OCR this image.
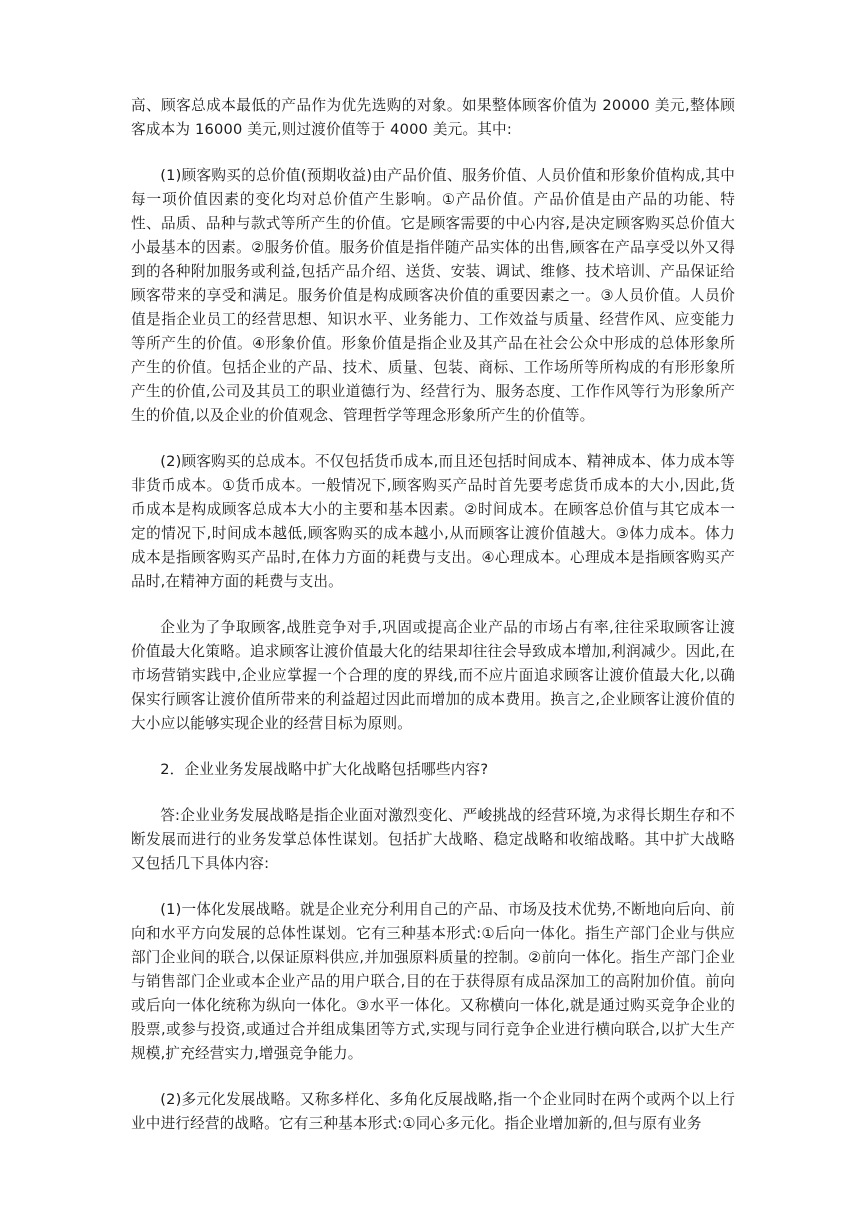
高、顾客总成本最低的产品作为优先选购的对象。如果整体顾客价值为 20000 美元,整体顾客成本为 16000 美元,则过渡价值等于 4000 美元。其中:

(1)顾客购买的总价值(预期收益)由产品价值、服务价值、人员价值和形象价值构成,其中每一项价值因素的变化均对总价值产生影响。①产品价值。产品价值是由产品的功能、特性、品质、品种与款式等所产生的价值。它是顾客需要的中心内容,是决定顾客购买总价值大小最基本的因素。②服务价值。服务价值是指伴随产品实体的出售,顾客在产品享受以外又得到的各种附加服务或利益,包括产品介绍、送货、安装、调试、维修、技术培训、产品保证给顾客带来的享受和满足。服务价值是构成顾客决价值的重要因素之一。③人员价值。人员价值是指企业员工的经营思想、知识水平、业务能力、工作效益与质量、经营作风、应变能力等所产生的价值。④形象价值。形象价值是指企业及其产品在社会公众中形成的总体形象所产生的价值。包括企业的产品、技术、质量、包装、商标、工作场所等所构成的有形形象所产生的价值,公司及其员工的职业道德行为、经营行为、服务态度、工作作风等行为形象所产生的价值,以及企业的价值观念、管理哲学等理念形象所产生的价值等。

(2)顾客购买的总成本。不仅包括货币成本,而且还包括时间成本、精神成本、体力成本等非货币成本。①货币成本。一般情况下,顾客购买产品时首先要考虑货币成本的大小,因此,货币成本是构成顾客总成本大小的主要和基本因素。②时间成本。在顾客总价值与其它成本一定的情况下,时间成本越低,顾客购买的成本越小,从而顾客让渡价值越大。③体力成本。体力成本是指顾客购买产品时,在体力方面的耗费与支出。④心理成本。心理成本是指顾客购买产品时,在精神方面的耗费与支出。

企业为了争取顾客,战胜竞争对手,巩固或提高企业产品的市场占有率,往往采取顾客让渡价值最大化策略。追求顾客让渡价值最大化的结果却往往会导致成本增加,利润减少。因此,在市场营销实践中,企业应掌握一个合理的度的界线,而不应片面追求顾客让渡价值最大化,以确保实行顾客让渡价值所带来的利益超过因此而增加的成本费用。换言之,企业顾客让渡价值的大小应以能够实现企业的经营目标为原则。

2．企业业务发展战略中扩大化战略包括哪些内容?

答:企业业务发展战略是指企业面对激烈变化、严峻挑战的经营环境,为求得长期生存和不断发展而进行的业务发掌总体性谋划。包括扩大战略、稳定战略和收缩战略。其中扩大战略又包括几下具体内容:

(1)一体化发展战略。就是企业充分利用自己的产品、市场及技术优势,不断地向后向、前向和水平方向发展的总体性谋划。它有三种基本形式:①后向一体化。指生产部门企业与供应部门企业间的联合,以保证原料供应,并加强原料质量的控制。②前向一体化。指生产部门企业与销售部门企业或本企业产品的用户联合,目的在于获得原有成品深加工的高附加价值。前向或后向一体化统称为纵向一体化。③水平一体化。又称横向一体化,就是通过购买竞争企业的股票,或参与投资,或通过合并组成集团等方式,实现与同行竞争企业进行横向联合,以扩大生产规模,扩充经营实力,增强竞争能力。

(2)多元化发展战略。又称多样化、多角化反展战略,指一个企业同时在两个或两个以上行业中进行经营的战略。它有三种基本形式:①同心多元化。指企业增加新的,但与原有业务
